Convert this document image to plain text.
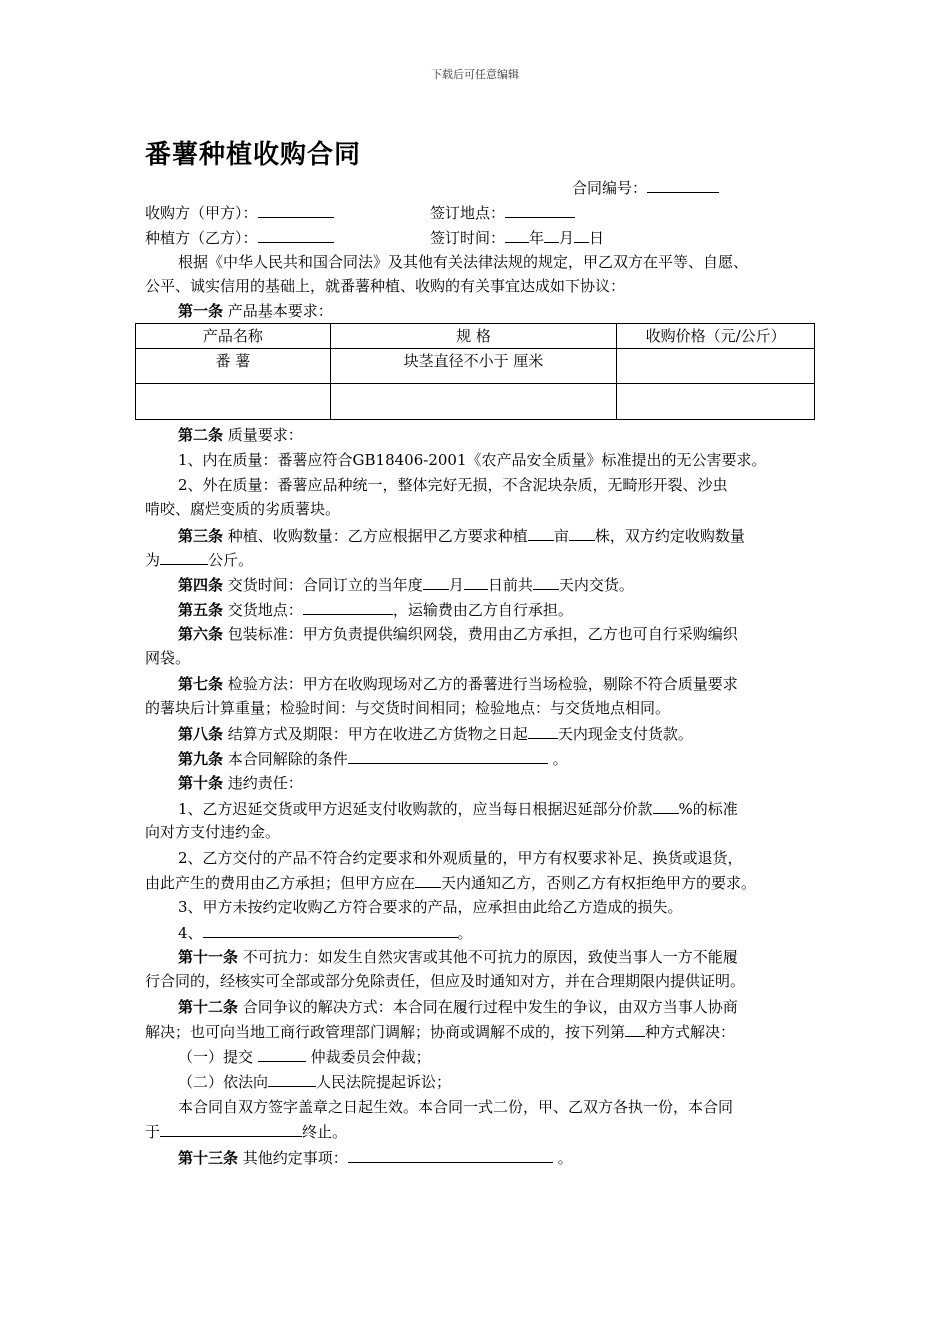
下载后可任意编辑
番薯种植收购合同
合同编号：
收购方（甲方）：	签订地点：
种植方（乙方）：	签订时间： 年 月 日
根据《中华人民共和国合同法》及其他有关法律法规的规定，甲乙双方在平等、自愿、
公平、诚实信用的基础上，就番薯种植、收购的有关事宜达成如下协议：
第一条 产品基本要求：
产品名称	规 格	收购价格（元/公斤）
番 薯	块茎直径不小于 厘米	

第二条 质量要求：
1、内在质量：番薯应符合GB18406-2001《农产品安全质量》标准提出的无公害要求。
2、外在质量：番薯应品种统一，整体完好无损，不含泥块杂质，无畸形开裂、沙虫
啃咬、腐烂变质的劣质薯块。
第三条 种植、收购数量：乙方应根据甲乙方要求种植 亩 株，双方约定收购数量
为	公斤。
第四条 交货时间：合同订立的当年度 月 日前共 天内交货。
第五条 交货地点：	，运输费由乙方自行承担。
第六条 包装标准：甲方负责提供编织网袋，费用由乙方承担，乙方也可自行采购编织
网袋。
第七条 检验方法：甲方在收购现场对乙方的番薯进行当场检验，剔除不符合质量要求
的薯块后计算重量；检验时间：与交货时间相同；检验地点：与交货地点相同。
第八条 结算方式及期限：甲方在收进乙方货物之日起 天内现金支付货款。
第九条 本合同解除的条件	。
第十条 违约责任：
1、乙方迟延交货或甲方迟延支付收购款的，应当每日根据迟延部分价款 %的标准
向对方支付违约金。
2、乙方交付的产品不符合约定要求和外观质量的，甲方有权要求补足、换货或退货，
由此产生的费用由乙方承担；但甲方应在 天内通知乙方，否则乙方有权拒绝甲方的要求。
3、甲方未按约定收购乙方符合要求的产品，应承担由此给乙方造成的损失。
4、	。
第十一条 不可抗力：如发生自然灾害或其他不可抗力的原因，致使当事人一方不能履
行合同的，经核实可全部或部分免除责任，但应及时通知对方，并在合理期限内提供证明。
第十二条 合同争议的解决方式：本合同在履行过程中发生的争议，由双方当事人协商
解决；也可向当地工商行政管理部门调解；协商或调解不成的，按下列第 种方式解决：
（一）提交	仲裁委员会仲裁；
（二）依法向	人民法院提起诉讼；
本合同自双方签字盖章之日起生效。本合同一式二份，甲、乙双方各执一份，本合同
于	终止。
第十三条 其他约定事项：	。
